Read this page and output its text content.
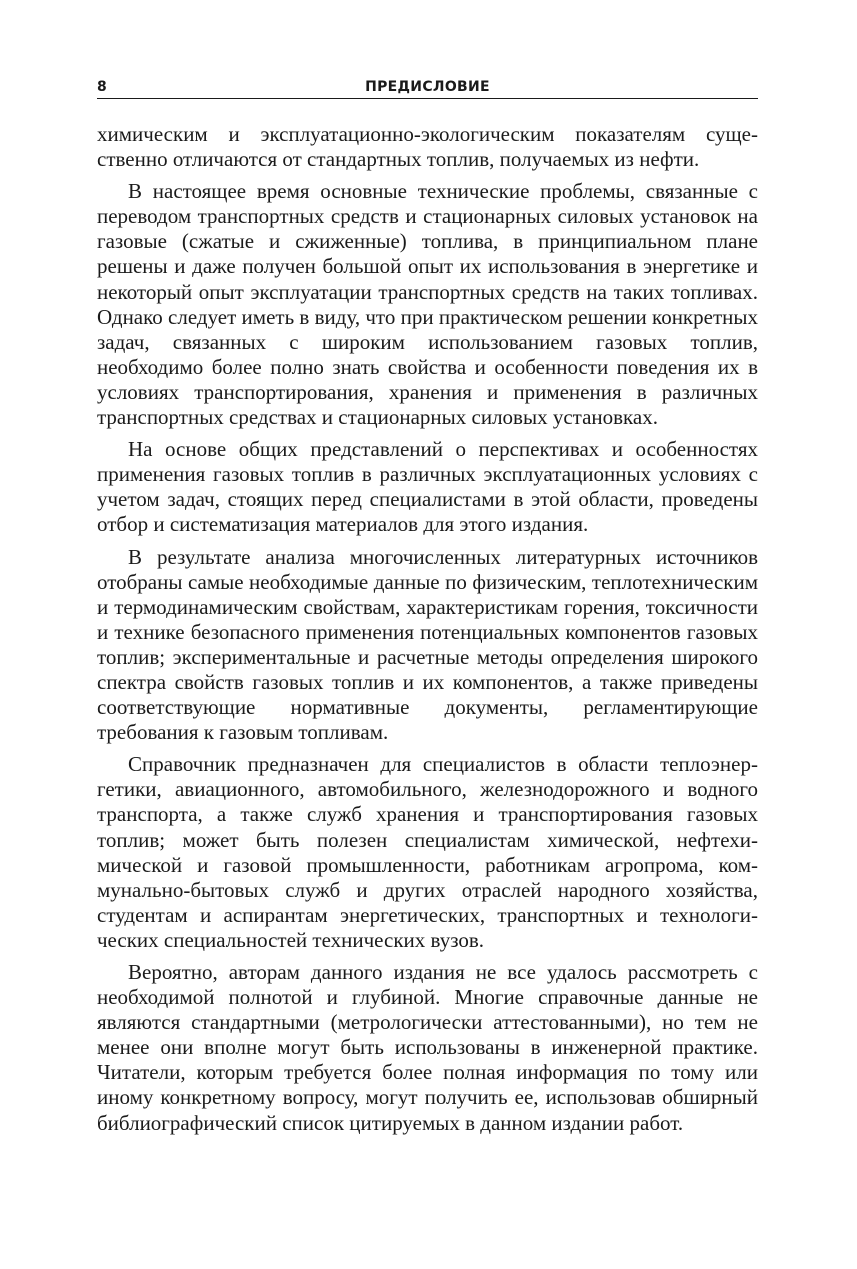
8	ПРЕДИСЛОВИЕ

химическим и эксплуатационно-экологическим показателям существенно отличаются от стандартных топлив, получаемых из нефти.

В настоящее время основные технические проблемы, связанные с переводом транспортных средств и стационарных силовых установок на газовые (сжатые и сжиженные) топлива, в принципиальном плане решены и даже получен большой опыт их использования в энергетике и некоторый опыт эксплуатации транспортных средств на таких топливах. Однако следует иметь в виду, что при практическом решении конкретных задач, связанных с широким использованием газовых топлив, необходимо более полно знать свойства и особенности поведения их в условиях транспортирования, хранения и применения в различных транспортных средствах и стационарных силовых установках.

На основе общих представлений о перспективах и особенностях применения газовых топлив в различных эксплуатационных условиях с учетом задач, стоящих перед специалистами в этой области, проведены отбор и систематизация материалов для этого издания.

В результате анализа многочисленных литературных источников отобраны самые необходимые данные по физическим, теплотехническим и термодинамическим свойствам, характеристикам горения, токсичности и технике безопасного применения потенциальных компонентов газовых топлив; экспериментальные и расчетные методы определения широкого спектра свойств газовых топлив и их компонентов, а также приведены соответствующие нормативные документы, регламентирующие требования к газовым топливам.

Справочник предназначен для специалистов в области теплоэнергетики, авиационного, автомобильного, железнодорожного и водного транспорта, а также служб хранения и транспортирования газовых топлив; может быть полезен специалистам химической, нефтехимической и газовой промышленности, работникам агропрома, коммунально-бытовых служб и других отраслей народного хозяйства, студентам и аспирантам энергетических, транспортных и технологических специальностей технических вузов.

Вероятно, авторам данного издания не все удалось рассмотреть с необходимой полнотой и глубиной. Многие справочные данные не являются стандартными (метрологически аттестованными), но тем не менее они вполне могут быть использованы в инженерной практике. Читатели, которым требуется более полная информация по тому или иному конкретному вопросу, могут получить ее, использовав обширный библиографический список цитируемых в данном издании работ.
